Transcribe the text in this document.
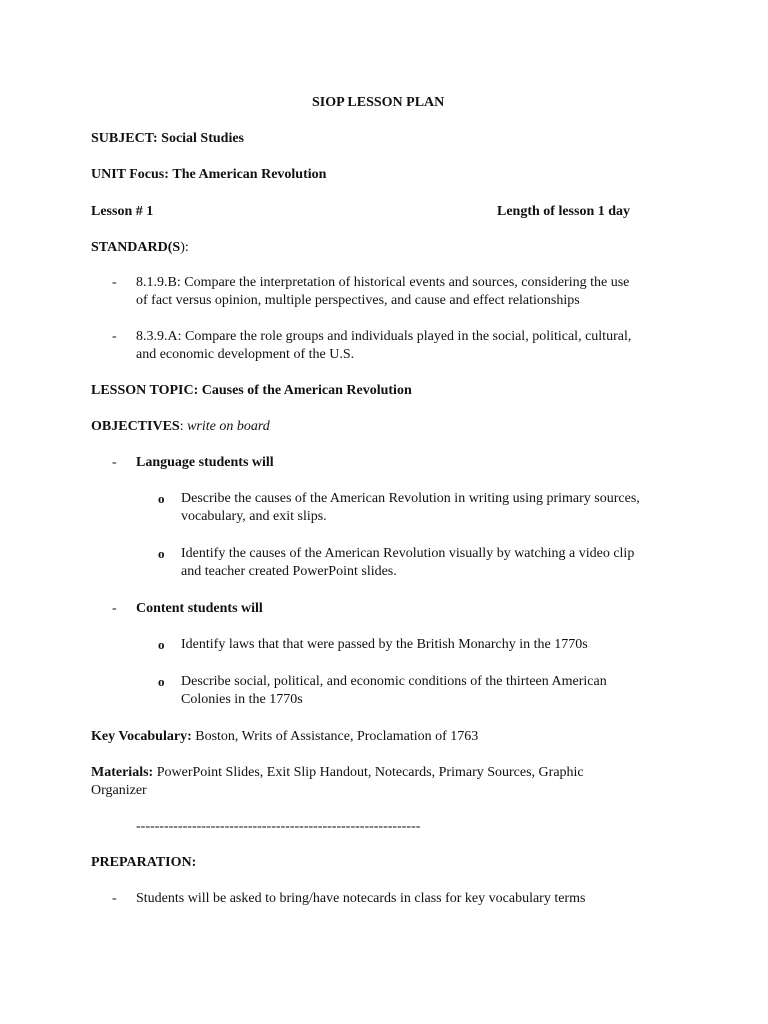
SIOP LESSON PLAN
SUBJECT: Social Studies
UNIT Focus: The American Revolution
Lesson # 1	Length of lesson 1 day
STANDARD(S):
- 8.1.9.B: Compare the interpretation of historical events and sources, considering the use
of fact versus opinion, multiple perspectives, and cause and effect relationships
- 8.3.9.A: Compare the role groups and individuals played in the social, political, cultural,
and economic development of the U.S.
LESSON TOPIC: Causes of the American Revolution
OBJECTIVES: write on board
- Language students will
o Describe the causes of the American Revolution in writing using primary sources,
vocabulary, and exit slips.
o Identify the causes of the American Revolution visually by watching a video clip
and teacher created PowerPoint slides.
- Content students will
o Identify laws that that were passed by the British Monarchy in the 1770s
o Describe social, political, and economic conditions of the thirteen American
Colonies in the 1770s
Key Vocabulary: Boston, Writs of Assistance, Proclamation of 1763
Materials: PowerPoint Slides, Exit Slip Handout, Notecards, Primary Sources, Graphic
Organizer
-------------------------------------------------------------
PREPARATION:
- Students will be asked to bring/have notecards in class for key vocabulary terms
